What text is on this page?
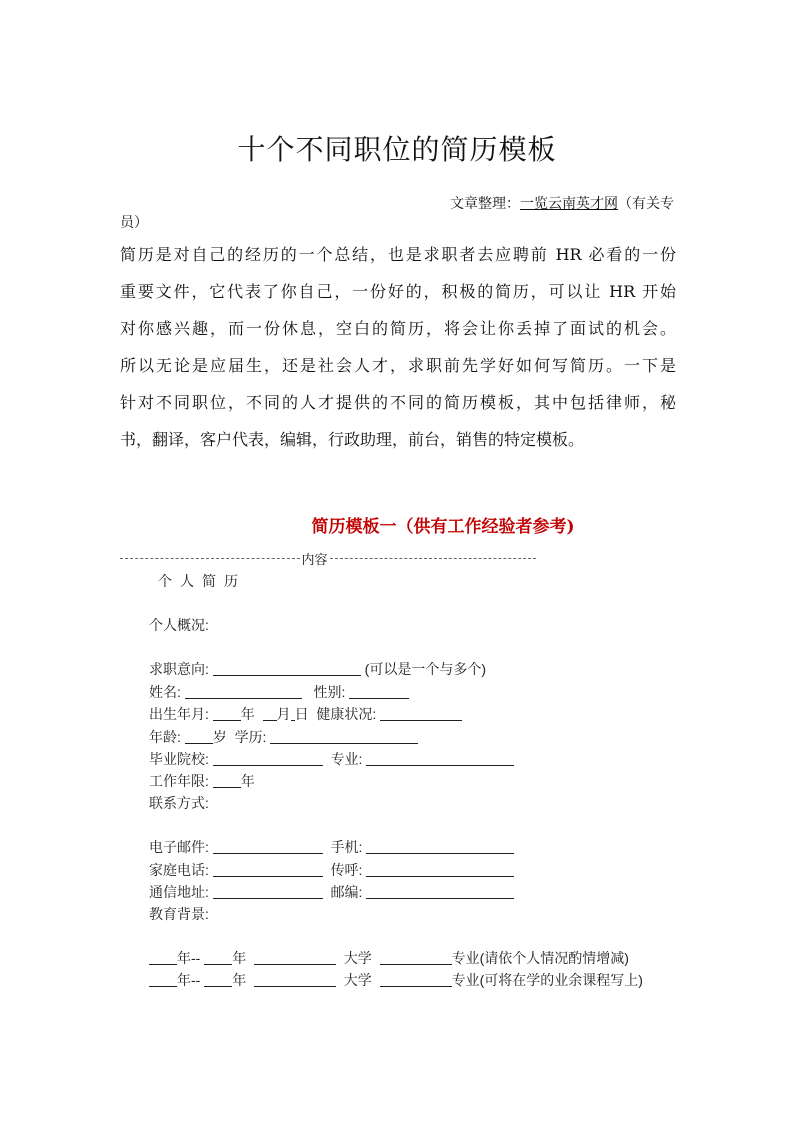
十个不同职位的简历模板
文章整理：一览云南英才网（有关专
员）
简历是对自己的经历的一个总结，也是求职者去应聘前 HR 必看的一份
重要文件，它代表了你自己，一份好的，积极的简历，可以让 HR 开始
对你感兴趣，而一份休息，空白的简历，将会让你丢掉了面试的机会。
所以无论是应届生，还是社会人才，求职前先学好如何写简历。一下是
针对不同职位，不同的人才提供的不同的简历模板，其中包括律师，秘
书，翻译，客户代表，编辑，行政助理，前台，销售的特定模板。
简历模板一（供有工作经验者参考)
内容
个人简历
个人概况:
求职意向:	(可以是一个与多个)
姓名:	性别:
出生年月: 年 月 日 健康状况:
年龄: 岁 学历:
毕业院校:	专业:
工作年限: 年
联系方式:
电子邮件:	手机:
家庭电话:	传呼:
通信地址:	邮编:
教育背景:
年-- 年	大学	专业(请依个人情况酌情增减)
年-- 年	大学	专业(可将在学的业余课程写上)
